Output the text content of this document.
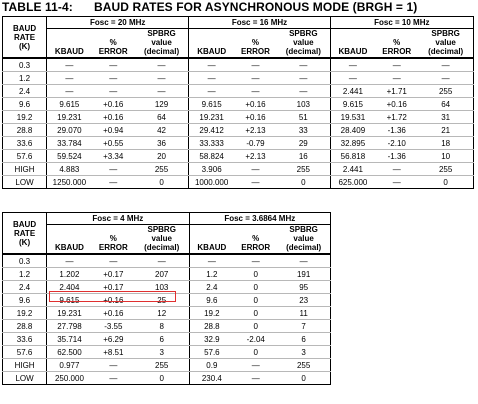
TABLE 11-4: BAUD RATES FOR ASYNCHRONOUS MODE (BRGH = 1)
BAUD
RATE
(K)	Fosc = 20 MHz			Fosc = 16 MHz			Fosc = 10 MHz		
	KBAUD	%
ERROR	SPBRG
value
(decimal)	KBAUD	%
ERROR	SPBRG
value
(decimal)	KBAUD	%
ERROR	SPBRG
value
(decimal)
0.3	—	—	—	—	—	—	—	—	—
1.2	—	—	—	—	—	—	—	—	—
2.4	—	—	—	—	—	—	2.441	+1.71	255
9.6	9.615	+0.16	129	9.615	+0.16	103	9.615	+0.16	64
19.2	19.231	+0.16	64	19.231	+0.16	51	19.531	+1.72	31
28.8	29.070	+0.94	42	29.412	+2.13	33	28.409	-1.36	21
33.6	33.784	+0.55	36	33.333	-0.79	29	32.895	-2.10	18
57.6	59.524	+3.34	20	58.824	+2.13	16	56.818	-1.36	10
HIGH	4.883	—	255	3.906	—	255	2.441	—	255
LOW	1250.000	—	0	1000.000	—	0	625.000	—	0
BAUD
RATE
(K)	Fosc = 4 MHz			Fosc = 3.6864 MHz		
	KBAUD	%
ERROR	SPBRG
value
(decimal)	KBAUD	%
ERROR	SPBRG
value
(decimal)
0.3	—	—	—	—	—	—
1.2	1.202	+0.17	207	1.2	0	191
2.4	2.404	+0.17	103	2.4	0	95
9.6	9.615	+0.16	25	9.6	0	23
19.2	19.231	+0.16	12	19.2	0	11
28.8	27.798	-3.55	8	28.8	0	7
33.6	35.714	+6.29	6	32.9	-2.04	6
57.6	62.500	+8.51	3	57.6	0	3
HIGH	0.977	—	255	0.9	—	255
LOW	250.000	—	0	230.4	—	0
